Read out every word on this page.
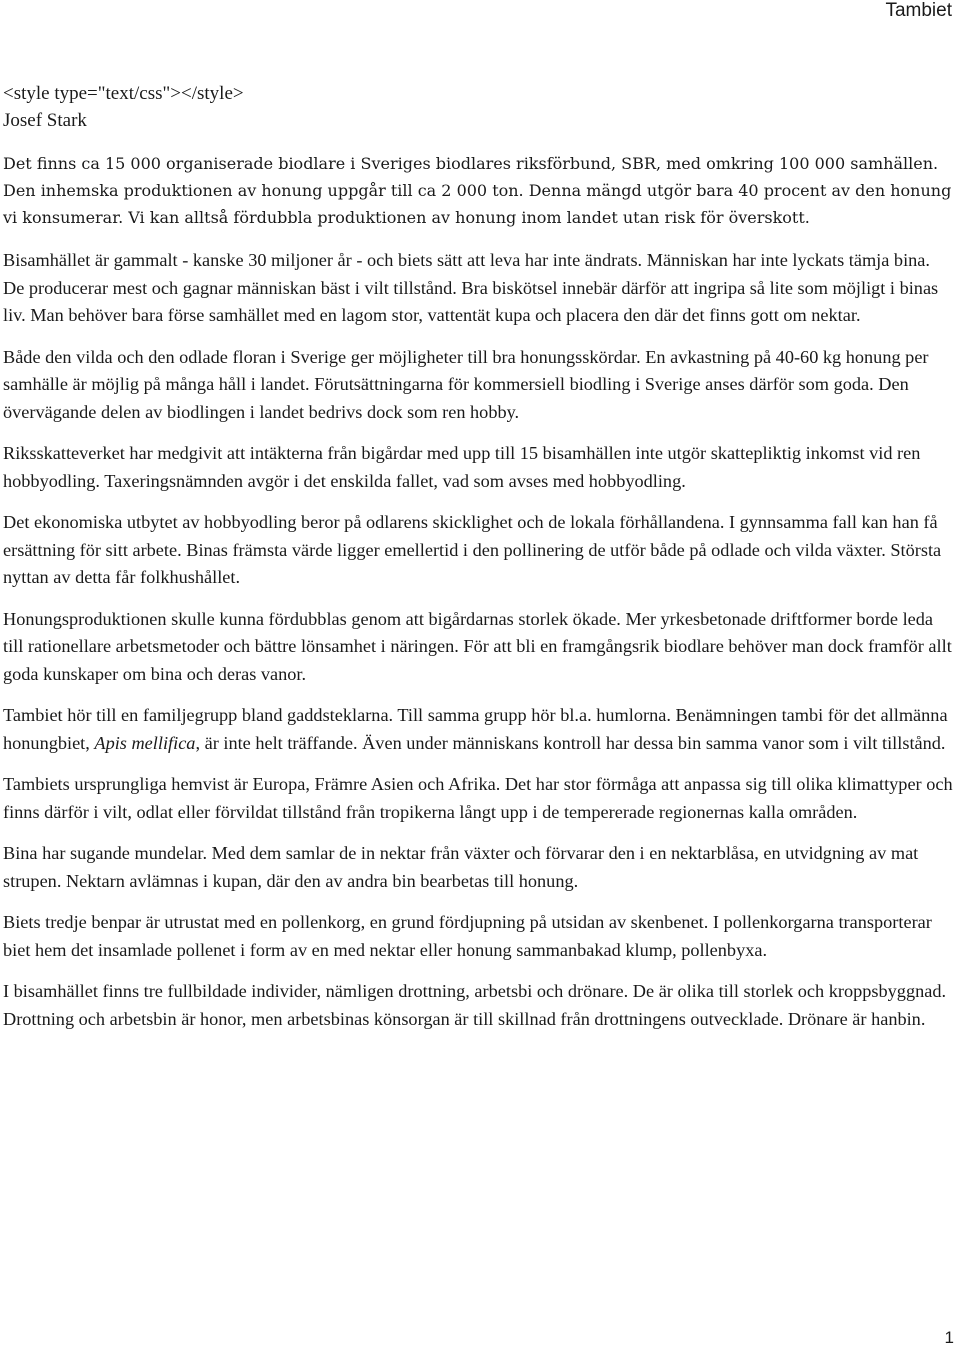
Tambiet

<style type="text/css"></style>

Josef Stark

Det finns ca 15 000 organiserade biodlare i Sveriges biodlares riksförbund, SBR, med omkring 100 000 samhällen. Den inhemska produktionen av honung uppgår till ca 2 000 ton. Denna mängd utgör bara 40 procent av den honung vi konsumerar. Vi kan alltså fördubbla produktionen av honung inom landet utan risk för överskott.

Bisamhället är gammalt - kanske 30 miljoner år - och biets sätt att leva har inte ändrats. Människan har inte lyckats tämja bina. De producerar mest och gagnar människan bäst i vilt tillstånd. Bra biskötsel innebär därför att ingripa så lite som möjligt i binas liv. Man behöver bara förse samhället med en lagom stor, vattentät kupa och placera den där det finns gott om nektar.

Både den vilda och den odlade floran i Sverige ger möjligheter till bra honungsskördar. En avkastning på 40-60 kg honung per samhälle är möjlig på många håll i landet. Förutsättningarna för kommersiell biodling i Sverige anses därför som goda. Den övervägande delen av biodlingen i landet bedrivs dock som ren hobby.

Riksskatteverket har medgivit att intäkterna från bigårdar med upp till 15 bisamhällen inte utgör skattepliktig inkomst vid ren hobbyodling. Taxeringsnämnden avgör i det enskilda fallet, vad som avses med hobbyodling.

Det ekonomiska utbytet av hobbyodling beror på odlarens skicklighet och de lokala förhållandena. I gynnsamma fall kan han få ersättning för sitt arbete. Binas främsta värde ligger emellertid i den pollinering de utför både på odlade och vilda växter. Största nyttan av detta får folkhushållet.

Honungsproduktionen skulle kunna fördubblas genom att bigårdarnas storlek ökade. Mer yrkesbetonade driftformer borde leda till rationellare arbetsmetoder och bättre lönsamhet i näringen. För att bli en framgångsrik biodlare behöver man dock framför allt goda kunskaper om bina och deras vanor.

Tambiet hör till en familjegrupp bland gaddsteklarna. Till samma grupp hör bl.a. humlorna. Benämningen tambi för det allmänna honungbiet, Apis mellifica, är inte helt träffande. Även under människans kontroll har dessa bin samma vanor som i vilt tillstånd.

Tambiets ursprungliga hemvist är Europa, Främre Asien och Afrika. Det har stor förmåga att anpassa sig till olika klimattyper och finns därför i vilt, odlat eller förvildat tillstånd från tropikerna långt upp i de tempererade regionernas kalla områden.

Bina har sugande mundelar. Med dem samlar de in nektar från växter och förvarar den i en nektarblåsa, en utvidgning av mat strupen. Nektarn avlämnas i kupan, där den av andra bin bearbetas till honung.

Biets tredje benpar är utrustat med en pollenkorg, en grund fördjupning på utsidan av skenbenet. I pollenkorgarna transporterar biet hem det insamlade pollenet i form av en med nektar eller honung sammanbakad klump, pollenbyxa.

I bisamhället finns tre fullbildade individer, nämligen drottning, arbetsbi och drönare. De är olika till storlek och kroppsbyggnad. Drottning och arbetsbin är honor, men arbetsbinas könsorgan är till skillnad från drottningens outvecklade. Drönare är hanbin.

1
